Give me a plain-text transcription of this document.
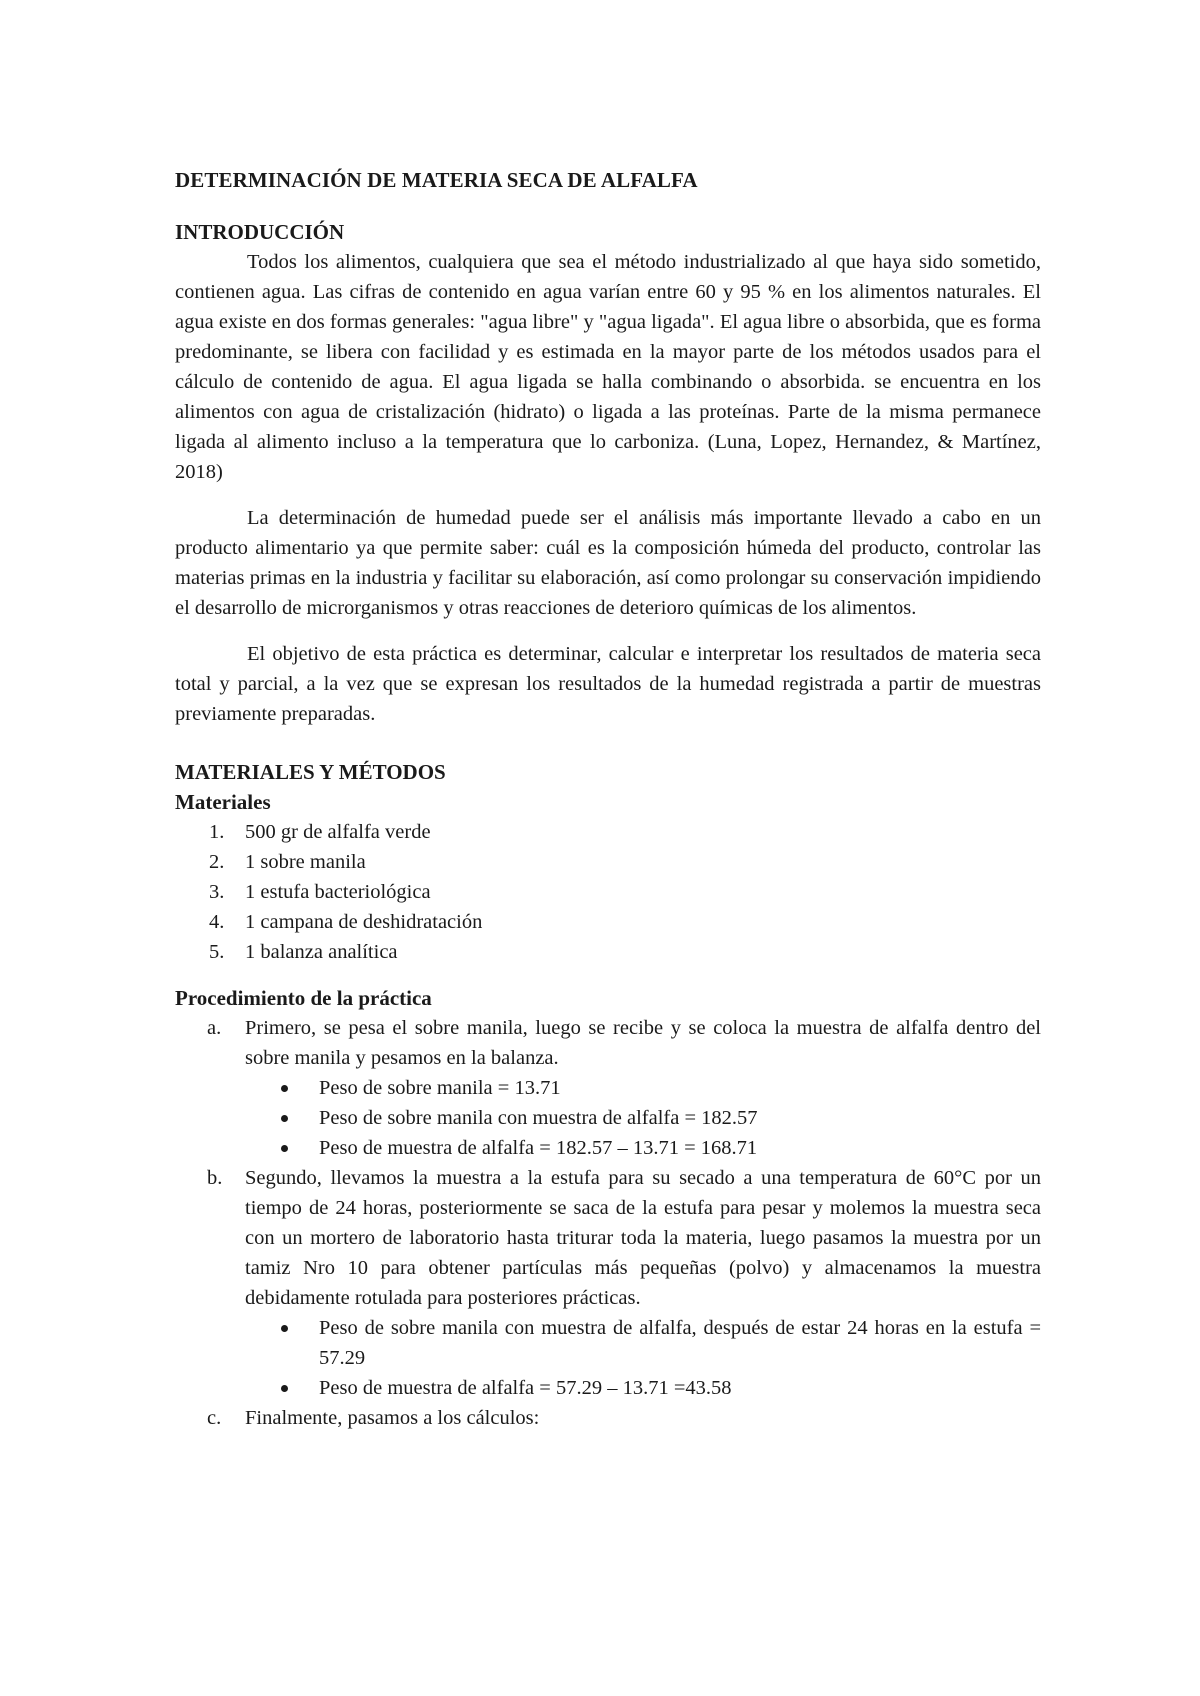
DETERMINACIÓN DE MATERIA SECA DE ALFALFA
INTRODUCCIÓN

Todos los alimentos, cualquiera que sea el método industrializado al que haya sido sometido, contienen agua. Las cifras de contenido en agua varían entre 60 y 95 % en los alimentos naturales. El agua existe en dos formas generales: "agua libre" y "agua ligada". El agua libre o absorbida, que es forma predominante, se libera con facilidad y es estimada en la mayor parte de los métodos usados para el cálculo de contenido de agua. El agua ligada se halla combinando o absorbida. se encuentra en los alimentos con agua de cristalización (hidrato) o ligada a las proteínas. Parte de la misma permanece ligada al alimento incluso a la temperatura que lo carboniza. (Luna, Lopez, Hernandez, & Martínez, 2018)

La determinación de humedad puede ser el análisis más importante llevado a cabo en un producto alimentario ya que permite saber: cuál es la composición húmeda del producto, controlar las materias primas en la industria y facilitar su elaboración, así como prolongar su conservación impidiendo el desarrollo de microrganismos y otras reacciones de deterioro químicas de los alimentos.

El objetivo de esta práctica es determinar, calcular e interpretar los resultados de materia seca total y parcial, a la vez que se expresan los resultados de la humedad registrada a partir de muestras previamente preparadas.

MATERIALES Y MÉTODOS
Materiales
1. 500 gr de alfalfa verde
2. 1 sobre manila
3. 1 estufa bacteriológica
4. 1 campana de deshidratación
5. 1 balanza analítica
Procedimiento de la práctica
a. Primero, se pesa el sobre manila, luego se recibe y se coloca la muestra de alfalfa dentro del sobre manila y pesamos en la balanza.
Peso de sobre manila = 13.71
Peso de sobre manila con muestra de alfalfa = 182.57
Peso de muestra de alfalfa = 182.57 – 13.71 = 168.71
b. Segundo, llevamos la muestra a la estufa para su secado a una temperatura de 60°C por un tiempo de 24 horas, posteriormente se saca de la estufa para pesar y molemos la muestra seca con un mortero de laboratorio hasta triturar toda la materia, luego pasamos la muestra por un tamiz Nro 10 para obtener partículas más pequeñas (polvo) y almacenamos la muestra debidamente rotulada para posteriores prácticas.
Peso de sobre manila con muestra de alfalfa, después de estar 24 horas en la estufa = 57.29
Peso de muestra de alfalfa = 57.29 – 13.71 =43.58
c. Finalmente, pasamos a los cálculos:
